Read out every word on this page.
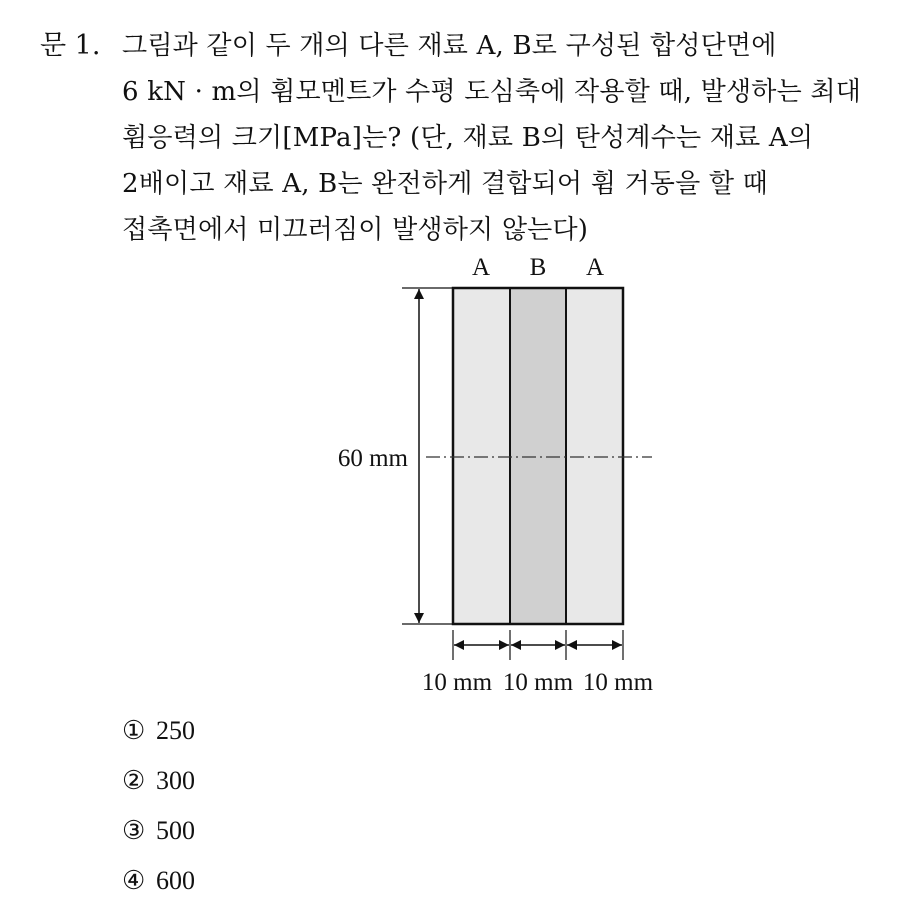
문 1. 그림과 같이 두 개의 다른 재료 A, B로 구성된 합성단면에
6 kN · m의 휨모멘트가 수평 도심축에 작용할 때, 발생하는 최대
휨응력의 크기[MPa]는? (단, 재료 B의 탄성계수는 재료 A의
2배이고 재료 A, B는 완전하게 결합되어 휨 거동을 할 때
접촉면에서 미끄러짐이 발생하지 않는다)
A B A
60 mm
10 mm 10 mm 10 mm
① 250
② 300
③ 500
④ 600
